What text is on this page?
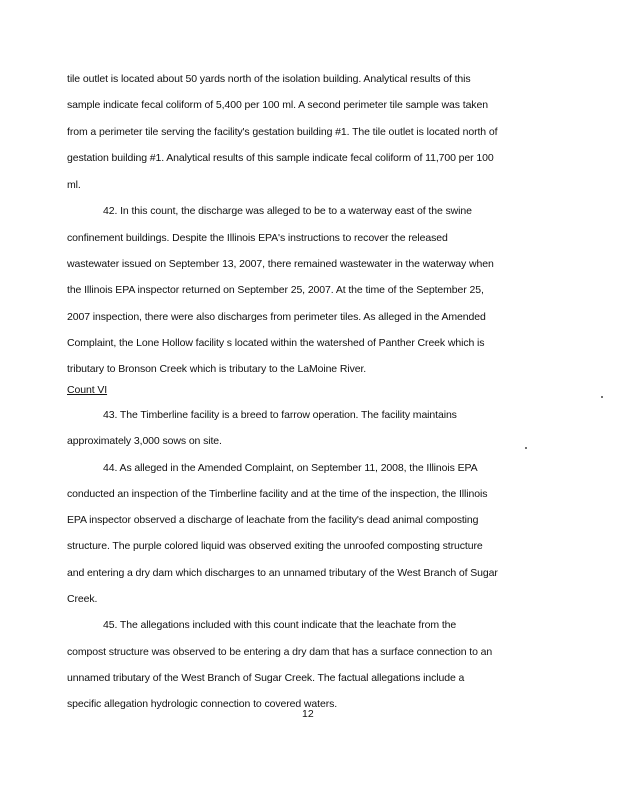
tile outlet is located about 50 yards north of the isolation building. Analytical results of this
sample indicate fecal coliform of 5,400 per 100 ml. A second perimeter tile sample was taken
from a perimeter tile serving the facility's gestation building #1. The tile outlet is located north of
gestation building #1. Analytical results of this sample indicate fecal coliform of 11,700 per 100
ml.
42. In this count, the discharge was alleged to be to a waterway east of the swine
confinement buildings. Despite the Illinois EPA's instructions to recover the released
wastewater issued on September 13, 2007, there remained wastewater in the waterway when
the Illinois EPA inspector returned on September 25, 2007. At the time of the September 25,
2007 inspection, there were also discharges from perimeter tiles. As alleged in the Amended
Complaint, the Lone Hollow facility s located within the watershed of Panther Creek which is
tributary to Bronson Creek which is tributary to the LaMoine River.
Count VI
43. The Timberline facility is a breed to farrow operation. The facility maintains
approximately 3,000 sows on site.
44. As alleged in the Amended Complaint, on September 11, 2008, the Illinois EPA
conducted an inspection of the Timberline facility and at the time of the inspection, the Illinois
EPA inspector observed a discharge of leachate from the facility's dead animal composting
structure. The purple colored liquid was observed exiting the unroofed composting structure
and entering a dry dam which discharges to an unnamed tributary of the West Branch of Sugar
Creek.
45. The allegations included with this count indicate that the leachate from the
compost structure was observed to be entering a dry dam that has a surface connection to an
unnamed tributary of the West Branch of Sugar Creek. The factual allegations include a
specific allegation hydrologic connection to covered waters.
12
